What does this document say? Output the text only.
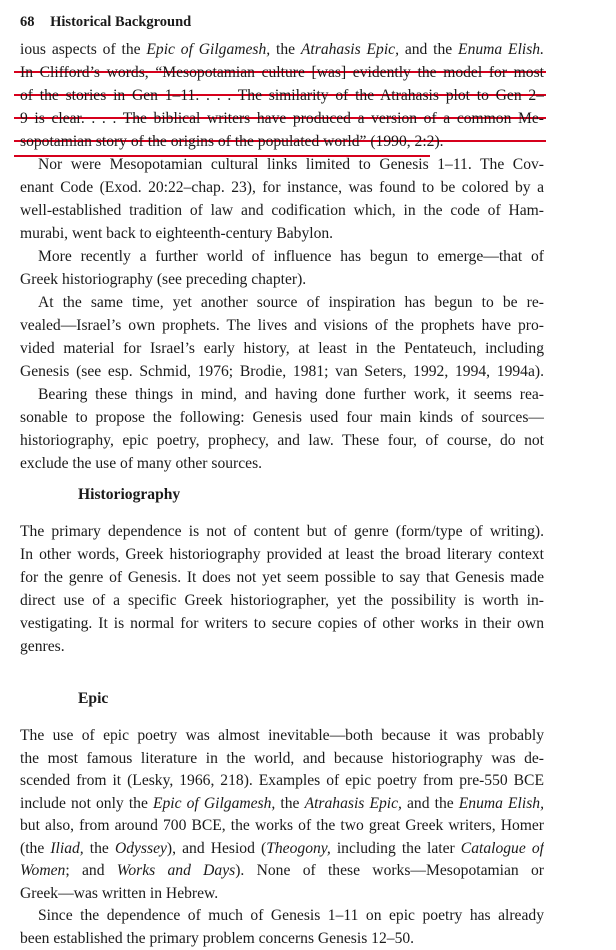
68 Historical Background
ious aspects of the Epic of Gilgamesh, the Atrahasis Epic, and the Enuma Elish.
In Clifford’s words, “Mesopotamian culture [was] evidently the model for most
of the stories in Gen 1–11. . . . The similarity of the Atrahasis plot to Gen 2–
9 is clear. . . . The biblical writers have produced a version of a common Me-
sopotamian story of the origins of the populated world” (1990, 2:2).
Nor were Mesopotamian cultural links limited to Genesis 1–11. The Cov-
enant Code (Exod. 20:22–chap. 23), for instance, was found to be colored by a
well-established tradition of law and codification which, in the code of Ham-
murabi, went back to eighteenth-century Babylon.
More recently a further world of influence has begun to emerge—that of
Greek historiography (see preceding chapter).
At the same time, yet another source of inspiration has begun to be re-
vealed—Israel’s own prophets. The lives and visions of the prophets have pro-
vided material for Israel’s early history, at least in the Pentateuch, including
Genesis (see esp. Schmid, 1976; Brodie, 1981; van Seters, 1992, 1994, 1994a).
Bearing these things in mind, and having done further work, it seems rea-
sonable to propose the following: Genesis used four main kinds of sources—
historiography, epic poetry, prophecy, and law. These four, of course, do not
exclude the use of many other sources.
Historiography
The primary dependence is not of content but of genre (form/type of writing).
In other words, Greek historiography provided at least the broad literary context
for the genre of Genesis. It does not yet seem possible to say that Genesis made
direct use of a specific Greek historiographer, yet the possibility is worth in-
vestigating. It is normal for writers to secure copies of other works in their own
genres.
Epic
The use of epic poetry was almost inevitable—both because it was probably
the most famous literature in the world, and because historiography was de-
scended from it (Lesky, 1966, 218). Examples of epic poetry from pre-550 BCE
include not only the Epic of Gilgamesh, the Atrahasis Epic, and the Enuma Elish,
but also, from around 700 BCE, the works of the two great Greek writers, Homer
(the Iliad, the Odyssey), and Hesiod (Theogony, including the later Catalogue of
Women; and Works and Days). None of these works—Mesopotamian or
Greek—was written in Hebrew.
Since the dependence of much of Genesis 1–11 on epic poetry has already
been established the primary problem concerns Genesis 12–50.
